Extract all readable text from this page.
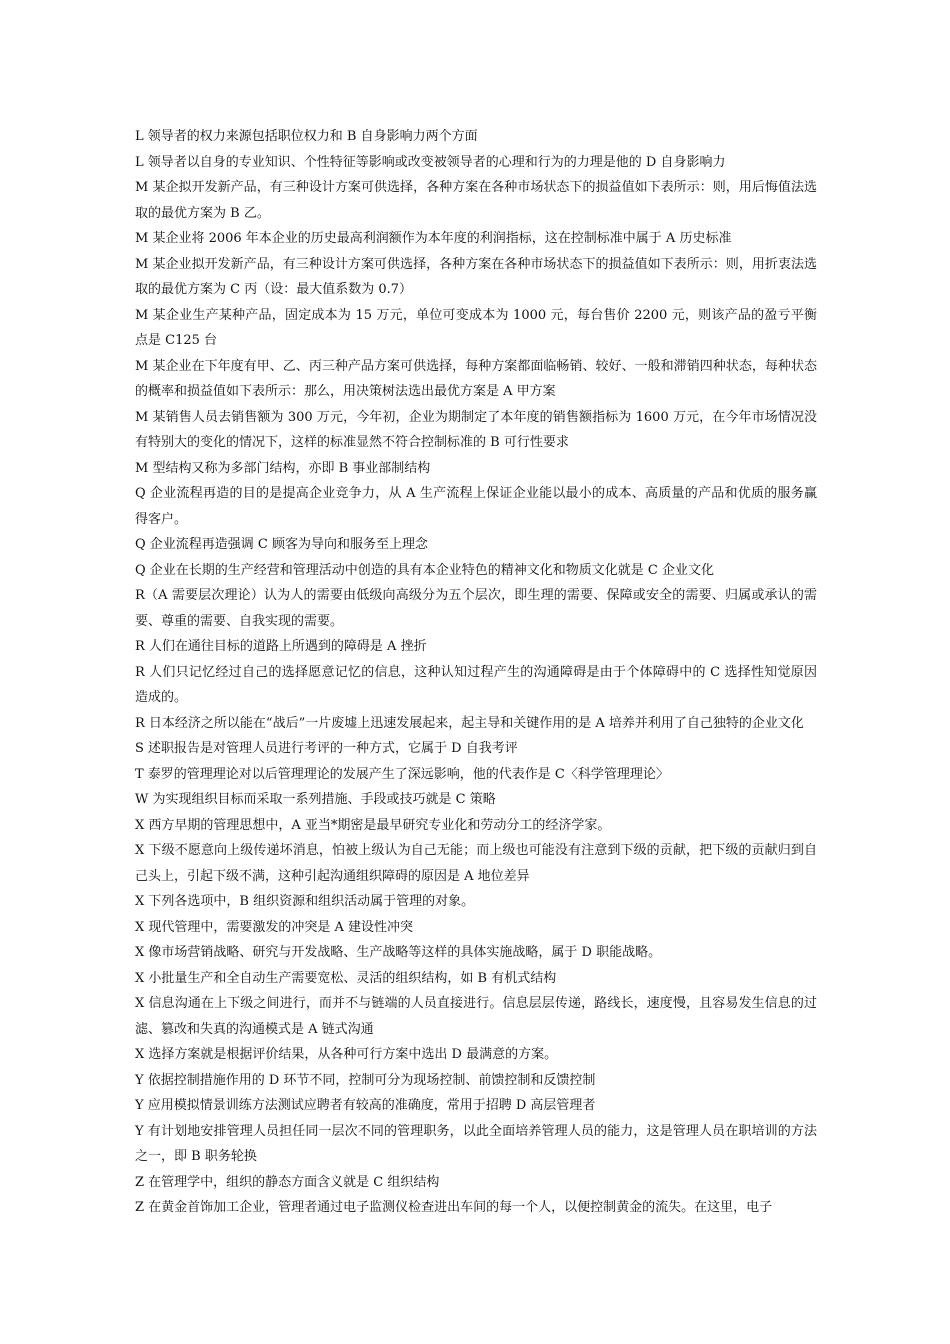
L 领导者的权力来源包括职位权力和 B 自身影响力两个方面

L 领导者以自身的专业知识、个性特征等影响或改变被领导者的心理和行为的力理是他的 D 自身影响力

M 某企拟开发新产品，有三种设计方案可供选择，各种方案在各种市场状态下的损益值如下表所示：则，用后悔值法选取的最优方案为 B 乙。

M 某企业将 2006 年本企业的历史最高利润额作为本年度的利润指标，这在控制标准中属于 A 历史标准

M 某企业拟开发新产品，有三种设计方案可供选择，各种方案在各种市场状态下的损益值如下表所示：则，用折衷法选取的最优方案为 C 丙（设：最大值系数为 0.7）

M 某企业生产某种产品，固定成本为 15 万元，单位可变成本为 1000 元，每台售价 2200 元，则该产品的盈亏平衡点是 C125 台

M 某企业在下年度有甲、乙、丙三种产品方案可供选择，每种方案都面临畅销、较好、一般和滞销四种状态，每种状态的概率和损益值如下表所示：那么，用决策树法选出最优方案是 A 甲方案

M 某销售人员去销售额为 300 万元，今年初，企业为期制定了本年度的销售额指标为 1600 万元，在今年市场情况没有特别大的变化的情况下，这样的标准显然不符合控制标准的 B 可行性要求

M 型结构又称为多部门结构，亦即 B 事业部制结构

Q 企业流程再造的目的是提高企业竞争力，从 A 生产流程上保证企业能以最小的成本、高质量的产品和优质的服务赢得客户。

Q 企业流程再造强调 C 顾客为导向和服务至上理念

Q 企业在长期的生产经营和管理活动中创造的具有本企业特色的精神文化和物质文化就是 C 企业文化

R（A 需要层次理论）认为人的需要由低级向高级分为五个层次，即生理的需要、保障或安全的需要、归属或承认的需要、尊重的需要、自我实现的需要。

R 人们在通往目标的道路上所遇到的障碍是 A 挫折

R 人们只记忆经过自己的选择愿意记忆的信息，这种认知过程产生的沟通障碍是由于个体障碍中的 C 选择性知觉原因造成的。

R 日本经济之所以能在“战后”一片废墟上迅速发展起来，起主导和关键作用的是 A 培养并利用了自己独特的企业文化

S 述职报告是对管理人员进行考评的一种方式，它属于 D 自我考评

T 泰罗的管理理论对以后管理理论的发展产生了深远影响，他的代表作是 C〈科学管理理论〉

W 为实现组织目标而采取一系列措施、手段或技巧就是 C 策略

X 西方早期的管理思想中，A 亚当*期密是最早研究专业化和劳动分工的经济学家。

X 下级不愿意向上级传递坏消息，怕被上级认为自己无能；而上级也可能没有注意到下级的贡献，把下级的贡献归到自己头上，引起下级不满，这种引起沟通组织障碍的原因是 A 地位差异

X 下列各选项中，B 组织资源和组织活动属于管理的对象。

X 现代管理中，需要激发的冲突是 A 建设性冲突

X 像市场营销战略、研究与开发战略、生产战略等这样的具体实施战略，属于 D 职能战略。

X 小批量生产和全自动生产需要宽松、灵活的组织结构，如 B 有机式结构

X 信息沟通在上下级之间进行，而并不与链端的人员直接进行。信息层层传递，路线长，速度慢，且容易发生信息的过滤、篡改和失真的沟通模式是 A 链式沟通

X 选择方案就是根据评价结果，从各种可行方案中选出 D 最满意的方案。

Y 依据控制措施作用的 D 环节不同，控制可分为现场控制、前馈控制和反馈控制

Y 应用模拟情景训练方法测试应聘者有较高的准确度，常用于招聘 D 高层管理者

Y 有计划地安排管理人员担任同一层次不同的管理职务，以此全面培养管理人员的能力，这是管理人员在职培训的方法之一，即 B 职务轮换

Z 在管理学中，组织的静态方面含义就是 C 组织结构

Z 在黄金首饰加工企业，管理者通过电子监测仪检查进出车间的每一个人，以便控制黄金的流失。在这里，电子
